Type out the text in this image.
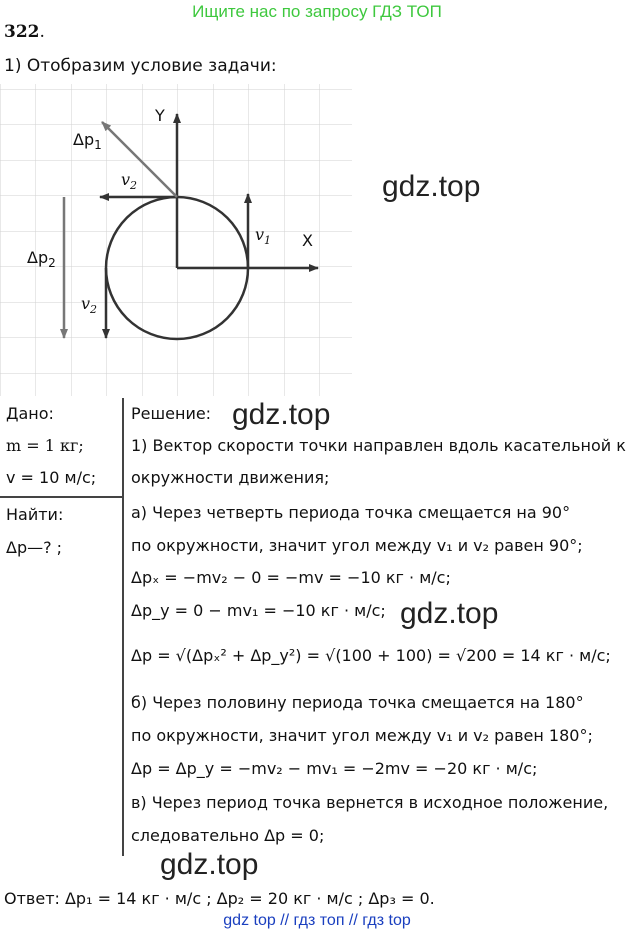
Ищите нас по запросу ГДЗ ТОП
322.
1) Отобразим условие задачи:
Y
X
$\Delta p_1$
$v_2$
$v_1$
$\Delta p_2$
$v_2$
gdz.top
gdz.top
gdz.top
gdz.top
Дано:
m = 1 кг;
v = 10 м/с;
Найти:
Δp—? ;
Решение:
1) Вектор скорости точки направлен вдоль касательной к
окружности движения;
а) Через четверть периода точка смещается на 90°
по окружности, значит угол между v₁ и v₂ равен 90°;
Δpₓ = −mv₂ − 0 = −mv = −10 кг · м/с;
Δp_y = 0 − mv₁ = −10 кг · м/с;
Δp = √(Δpₓ² + Δp_y²) = √(100 + 100) = √200 = 14 кг · м/с;
б) Через половину периода точка смещается на 180°
по окружности, значит угол между v₁ и v₂ равен 180°;
Δp = Δp_y = −mv₂ − mv₁ = −2mv = −20 кг · м/с;
в) Через период точка вернется в исходное положение,
следовательно Δp = 0;
Ответ: Δp₁ = 14 кг · м/с ; Δp₂ = 20 кг · м/с ; Δp₃ = 0.
gdz top // гдз топ // гдз top
